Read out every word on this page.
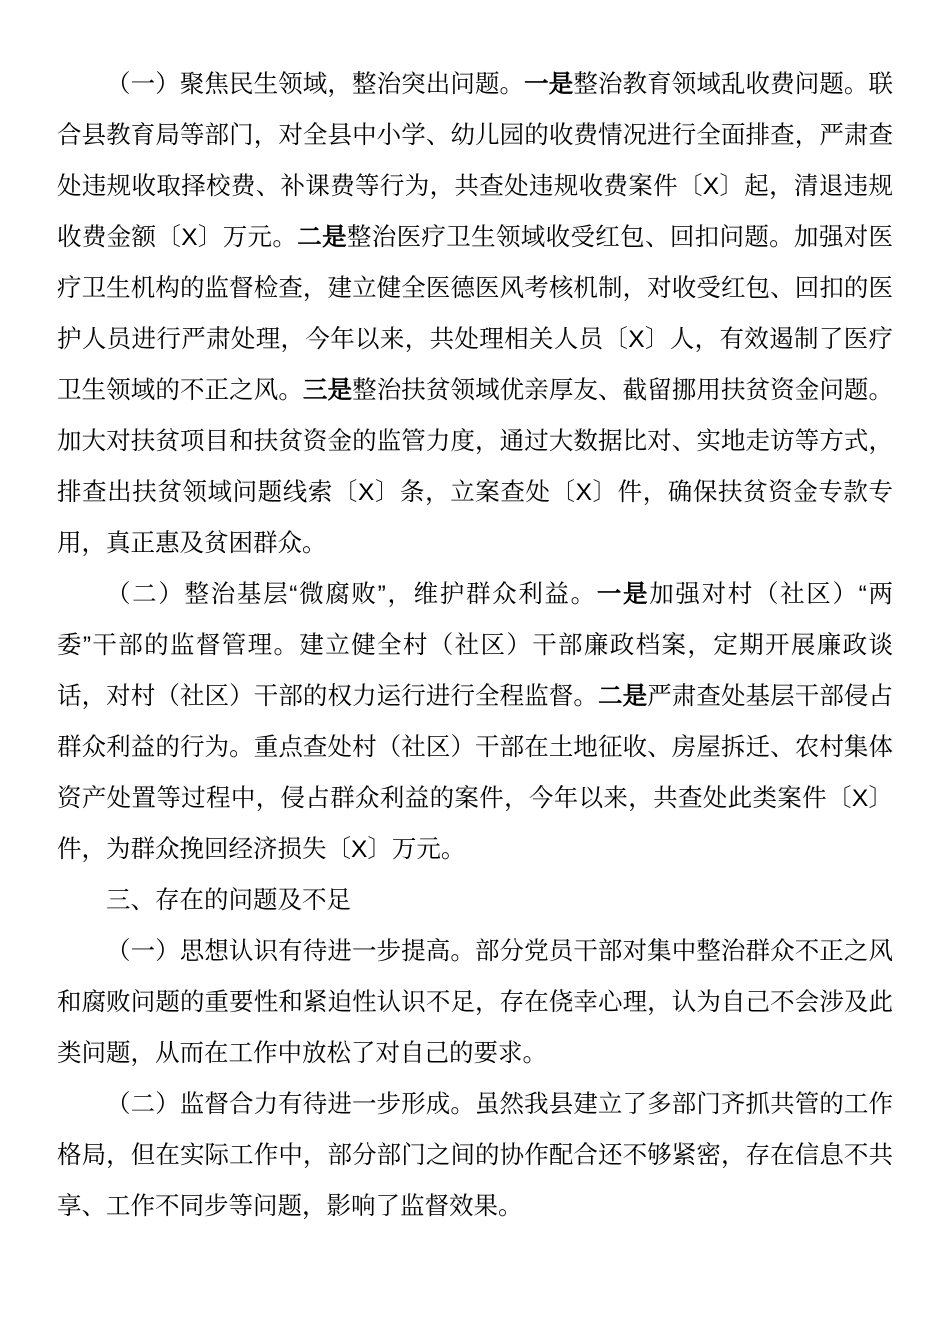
（一）聚焦民生领域，整治突出问题。一是整治教育领域乱收费问题。联合县教育局等部门，对全县中小学、幼儿园的收费情况进行全面排查，严肃查处违规收取择校费、补课费等行为，共查处违规收费案件〔X〕起，清退违规收费金额〔X〕万元。二是整治医疗卫生领域收受红包、回扣问题。加强对医疗卫生机构的监督检查，建立健全医德医风考核机制，对收受红包、回扣的医护人员进行严肃处理，今年以来，共处理相关人员〔X〕人，有效遏制了医疗卫生领域的不正之风。三是整治扶贫领域优亲厚友、截留挪用扶贫资金问题。加大对扶贫项目和扶贫资金的监管力度，通过大数据比对、实地走访等方式，排查出扶贫领域问题线索〔X〕条，立案查处〔X〕件，确保扶贫资金专款专用，真正惠及贫困群众。

（二）整治基层“微腐败”，维护群众利益。一是加强对村（社区）“两委”干部的监督管理。建立健全村（社区）干部廉政档案，定期开展廉政谈话，对村（社区）干部的权力运行进行全程监督。二是严肃查处基层干部侵占群众利益的行为。重点查处村（社区）干部在土地征收、房屋拆迁、农村集体资产处置等过程中，侵占群众利益的案件，今年以来，共查处此类案件〔X〕件，为群众挽回经济损失〔X〕万元。

三、存在的问题及不足

（一）思想认识有待进一步提高。部分党员干部对集中整治群众不正之风和腐败问题的重要性和紧迫性认识不足，存在侥幸心理，认为自己不会涉及此类问题，从而在工作中放松了对自己的要求。

（二）监督合力有待进一步形成。虽然我县建立了多部门齐抓共管的工作格局，但在实际工作中，部分部门之间的协作配合还不够紧密，存在信息不共享、工作不同步等问题，影响了监督效果。
